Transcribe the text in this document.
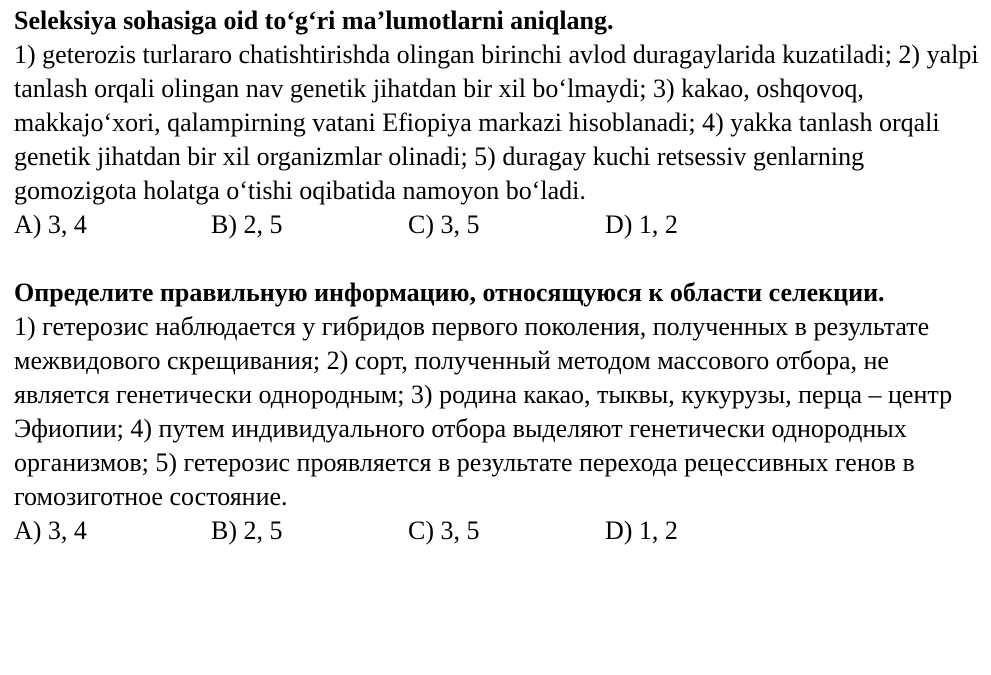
Seleksiya sohasiga oid to‘g‘ri ma’lumotlarni aniqlang.

1) geterozis turlararo chatishtirishda olingan birinchi avlod duragaylarida kuzatiladi; 2) yalpi tanlash orqali olingan nav genetik jihatdan bir xil bo‘lmaydi; 3) kakao, oshqovoq, makkajo‘xori, qalampirning vatani Efiopiya markazi hisoblanadi; 4) yakka tanlash orqali genetik jihatdan bir xil organizmlar olinadi; 5) duragay kuchi retsessiv genlarning gomozigota holatga o‘tishi oqibatida namoyon bo‘ladi.

A) 3, 4	B) 2, 5	C) 3, 5	D) 1, 2

Определите правильную информацию, относящуюся к области селекции.

1) гетерозис наблюдается у гибридов первого поколения, полученных в результате межвидового скрещивания; 2) сорт, полученный методом массового отбора, не является генетически однородным; 3) родина какао, тыквы, кукурузы, перца – центр Эфиопии; 4) путем индивидуального отбора выделяют генетически однородных организмов; 5) гетерозис проявляется в результате перехода рецессивных генов в гомозиготное состояние.

A) 3, 4	B) 2, 5	C) 3, 5	D) 1, 2
